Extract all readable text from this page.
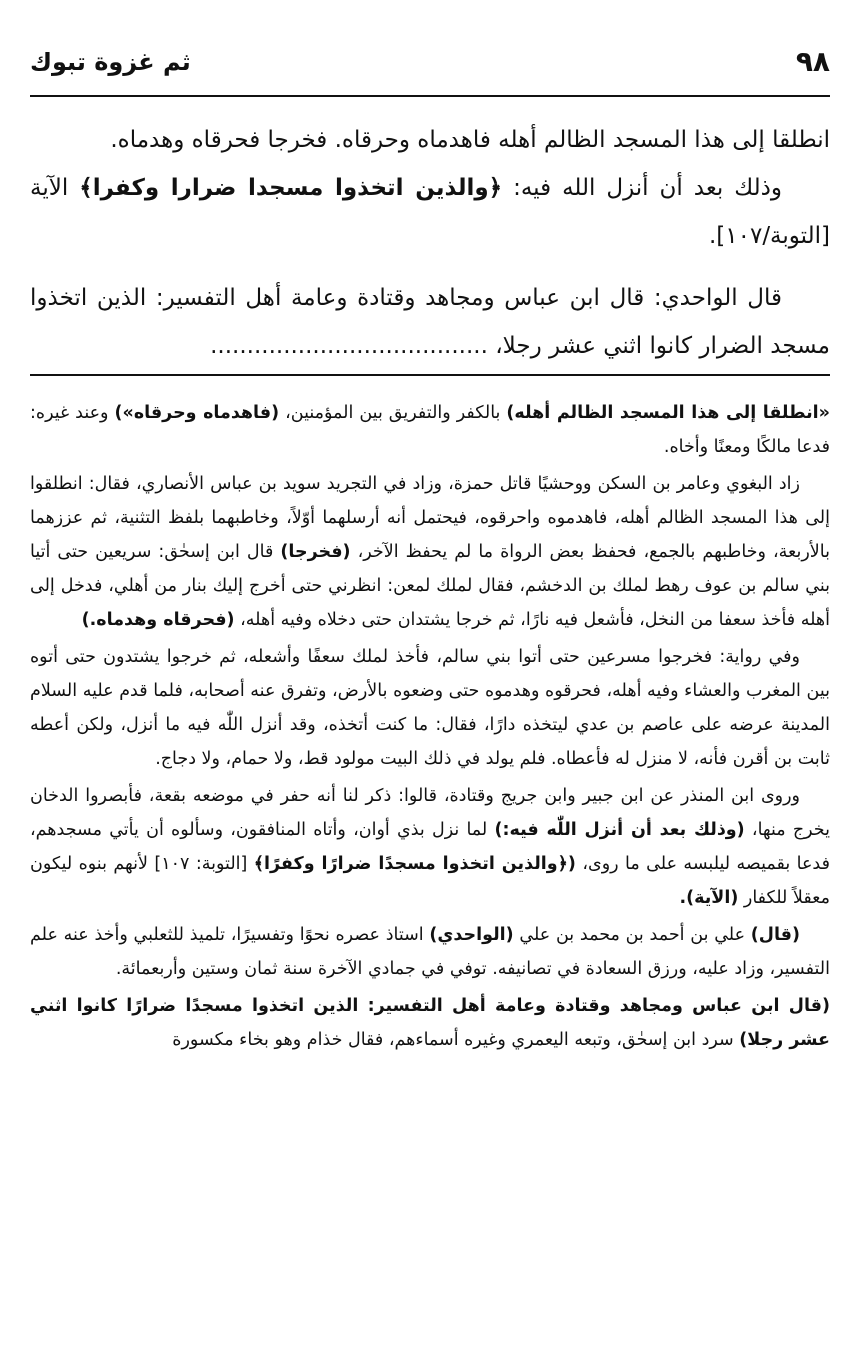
٩٨
ثم غزوة تبوك

انطلقا إلى هذا المسجد الظالم أهله فاهدماه وحرقاه. فخرجا فحرقاه وهدماه.

وذلك بعد أن أنزل الله فيه: ﴿والذين اتخذوا مسجدا ضرارا وكفرا﴾ الآية [التوبة/١٠٧].

قال الواحدي: قال ابن عباس ومجاهد وقتادة وعامة أهل التفسير: الذين اتخذوا مسجد الضرار كانوا اثني عشر رجلا، ......................................

«انطلقا إلى هذا المسجد الظالم أهله) بالكفر والتفريق بين المؤمنين، (فاهدماه وحرقاه») وعند غيره: فدعا مالكًا ومعنًا وأخاه.

زاد البغوي وعامر بن السكن ووحشيًا قاتل حمزة، وزاد في التجريد سويد بن عباس الأنصاري، فقال: انطلقوا إلى هذا المسجد الظالم أهله، فاهدموه واحرقوه، فيحتمل أنه أرسلهما أوّلاً، وخاطبهما بلفظ التثنية، ثم عززهما بالأربعة، وخاطبهم بالجمع، فحفظ بعض الرواة ما لم يحفظ الآخر، (فخرجا) قال ابن إسحٰق: سريعين حتى أتيا بني سالم بن عوف رهط لملك بن الدخشم، فقال لملك لمعن: انظرني حتى أخرج إليك بنار من أهلي، فدخل إلى أهله فأخذ سعفا من النخل، فأشعل فيه نارًا، ثم خرجا يشتدان حتى دخلاه وفيه أهله، (فحرقاه وهدماه.)

وفي رواية: فخرجوا مسرعين حتى أتوا بني سالم، فأخذ لملك سعفًا وأشعله، ثم خرجوا يشتدون حتى أتوه بين المغرب والعشاء وفيه أهله، فحرقوه وهدموه حتى وضعوه بالأرض، وتفرق عنه أصحابه، فلما قدم عليه السلام المدينة عرضه على عاصم بن عدي ليتخذه دارًا، فقال: ما كنت أتخذه، وقد أنزل اللّٰه فيه ما أنزل، ولكن أعطه ثابت بن أقرن فأنه، لا منزل له فأعطاه. فلم يولد في ذلك البيت مولود قط، ولا حمام، ولا دجاج.

وروى ابن المنذر عن ابن جبير وابن جريج وقتادة، قالوا: ذكر لنا أنه حفر في موضعه بقعة، فأبصروا الدخان يخرج منها، (وذلك بعد أن أنزل اللّٰه فيه:) لما نزل بذي أوان، وأتاه المنافقون، وسألوه أن يأتي مسجدهم، فدعا بقميصه ليلبسه على ما روى، (﴿والذين اتخذوا مسجدًا ضرارًا وكفرًا﴾ [التوبة: ١٠٧] لأنهم بنوه ليكون معقلاً للكفار (الآية).

(قال) علي بن أحمد بن محمد بن علي (الواحدي) استاذ عصره نحوًا وتفسيرًا، تلميذ للثعلبي وأخذ عنه علم التفسير، وزاد عليه، ورزق السعادة في تصانيفه. توفي في جمادي الآخرة سنة ثمان وستين وأربعمائة.

(قال ابن عباس ومجاهد وقتادة وعامة أهل التفسير: الذين اتخذوا مسجدًا ضرارًا كانوا اثني عشر رجلا) سرد ابن إسحٰق، وتبعه اليعمري وغيره أسماءهم، فقال خذام وهو بخاء مكسورة
